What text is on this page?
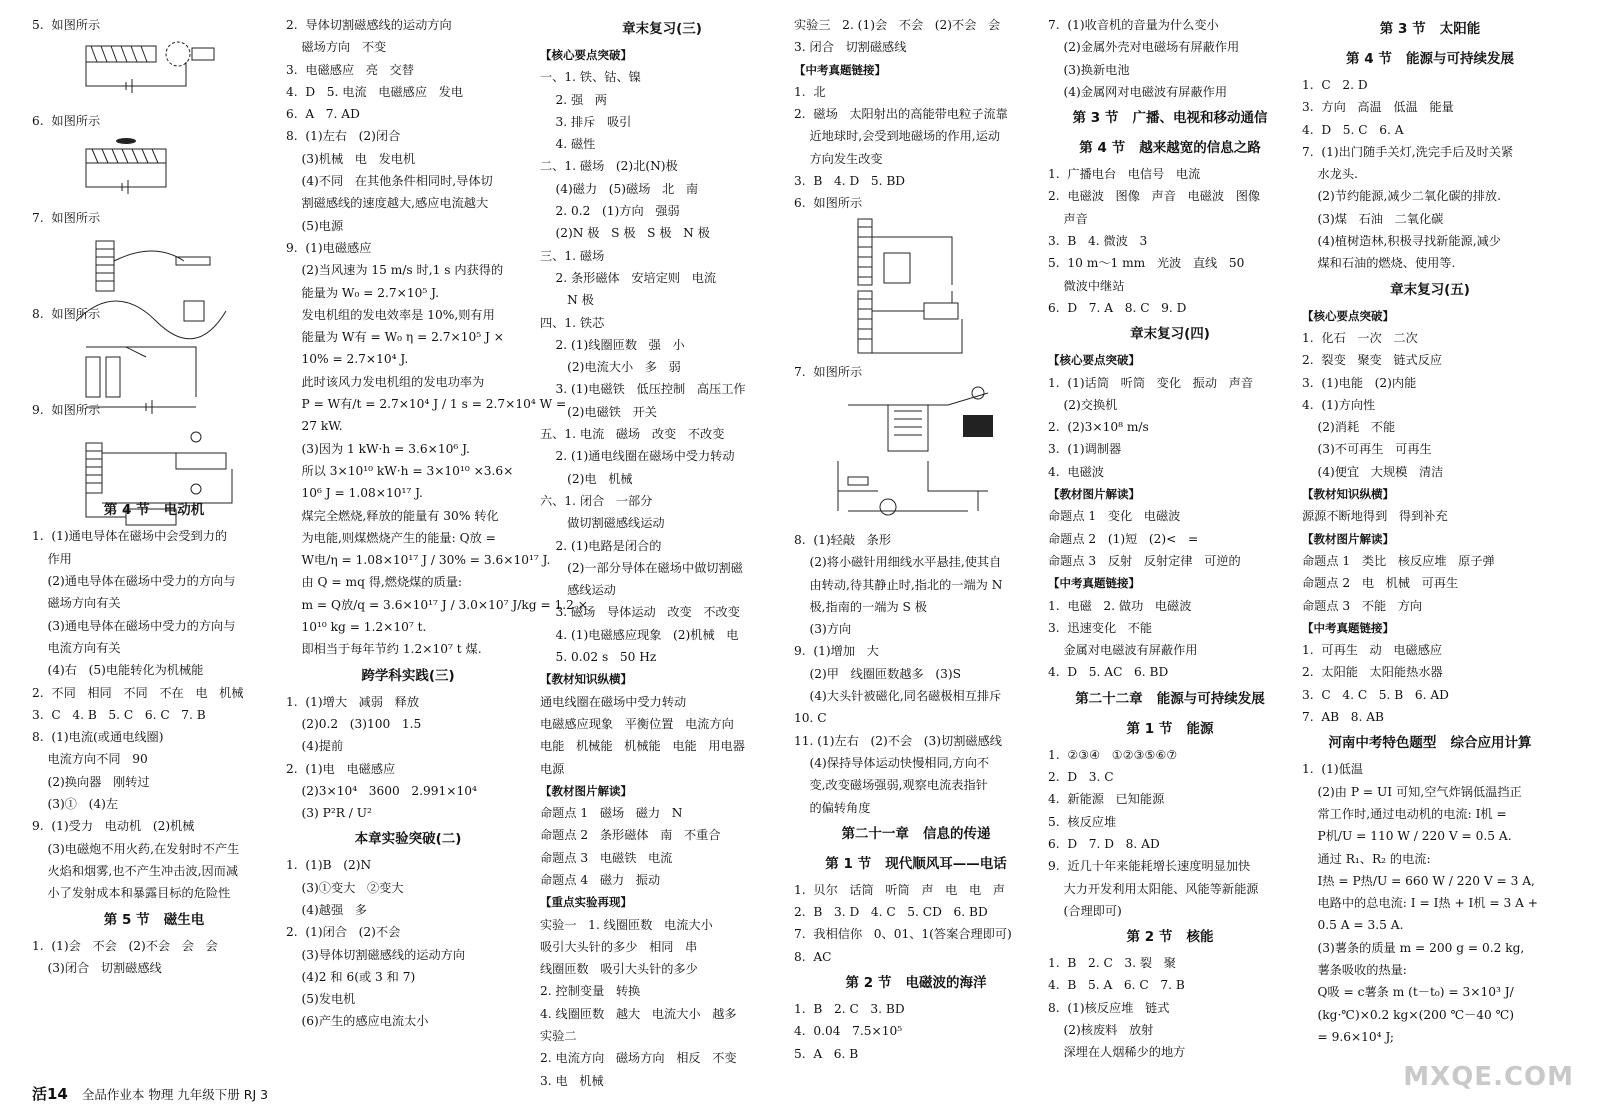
5.  如图所示
6.  如图所示
7.  如图所示
8.  如图所示
9.  如图所示
第 4 节   电动机
1.  (1)通电导体在磁场中会受到力的
作用
(2)通电导体在磁场中受力的方向与
磁场方向有关
(3)通电导体在磁场中受力的方向与
电流方向有关
(4)右   (5)电能转化为机械能
2.  不同   相同   不同   不在   电   机械
3.  C   4. B   5. C   6. C   7. B
8.  (1)电流(或通电线圈)
电流方向不同   90
(2)换向器   刚转过
(3)①   (4)左
9.  (1)受力   电动机   (2)机械
(3)电磁炮不用火药,在发射时不产生
火焰和烟雾,也不产生冲击波,因而减
小了发射成本和暴露目标的危险性
第 5 节   磁生电
1.  (1)会   不会   (2)不会   会   会
(3)闭合   切割磁感线
2.  导体切割磁感线的运动方向
磁场方向   不变
3.  电磁感应   亮   交替
4.  D   5. 电流   电磁感应   发电
6.  A   7. AD
8.  (1)左右   (2)闭合
(3)机械   电   发电机
(4)不同   在其他条件相同时,导体切
割磁感线的速度越大,感应电流越大
(5)电源
9.  (1)电磁感应
(2)当风速为 15 m/s 时,1 s 内获得的
能量为 W₀ = 2.7×10⁵ J.
发电机组的发电效率是 10%,则有用
能量为 W有 = W₀ η = 2.7×10⁵ J ×
10% = 2.7×10⁴ J.
此时该风力发电机组的发电功率为
P = W有/t = 2.7×10⁴ J / 1 s = 2.7×10⁴ W =
27 kW.
(3)因为 1 kW·h = 3.6×10⁶ J.
所以 3×10¹⁰ kW·h = 3×10¹⁰ ×3.6×
10⁶ J = 1.08×10¹⁷ J.
煤完全燃烧,释放的能量有 30% 转化
为电能,则煤燃烧产生的能量: Q放 =
W电/η = 1.08×10¹⁷ J / 30% = 3.6×10¹⁷ J.
由 Q = mq 得,燃烧煤的质量:
m = Q放/q = 3.6×10¹⁷ J / 3.0×10⁷ J/kg = 1.2 ×
10¹⁰ kg = 1.2×10⁷ t.
即相当于每年节约 1.2×10⁷ t 煤.
跨学科实践(三)
1.  (1)增大   减弱   释放
(2)0.2   (3)100   1.5
(4)提前
2.  (1)电   电磁感应
(2)3×10⁴   3600   2.991×10⁴
(3) P²R / U²
本章实验突破(二)
1.  (1)B   (2)N
(3)①变大   ②变大
(4)越强   多
2.  (1)闭合   (2)不会
(3)导体切割磁感线的运动方向
(4)2 和 6(或 3 和 7)
(5)发电机
(6)产生的感应电流太小
章末复习(三)
【核心要点突破】
一、1. 铁、钴、镍
2. 强   两
3. 排斥   吸引
4. 磁性
二、1. 磁场   (2)北(N)极
(4)磁力   (5)磁场   北   南
2. 0.2   (1)方向   强弱
(2)N 极   S 极   S 极   N 极
三、1. 磁场
2. 条形磁体   安培定则   电流
N 极
四、1. 铁芯
2. (1)线圈匝数   强   小
(2)电流大小   多   弱
3. (1)电磁铁   低压控制   高压工作
(2)电磁铁   开关
五、1. 电流   磁场   改变   不改变
2. (1)通电线圈在磁场中受力转动
(2)电   机械
六、1. 闭合   一部分
做切割磁感线运动
2. (1)电路是闭合的
(2)一部分导体在磁场中做切割磁
感线运动
3. 磁场   导体运动   改变   不改变
4. (1)电磁感应现象   (2)机械   电
5. 0.02 s   50 Hz
【教材知识纵横】
通电线圈在磁场中受力转动
电磁感应现象   平衡位置   电流方向
电能   机械能   机械能   电能   用电器
电源
【教材图片解读】
命题点 1   磁场   磁力   N
命题点 2   条形磁体   南   不重合
命题点 3   电磁铁   电流
命题点 4   磁力   振动
【重点实验再现】
实验一   1. 线圈匝数   电流大小
吸引大头针的多少   相同   串
线圈匝数   吸引大头针的多少
2. 控制变量   转换
4. 线圈匝数   越大   电流大小   越多
实验二
2. 电流方向   磁场方向   相反   不变
3. 电   机械
实验三   2. (1)会   不会   (2)不会   会
3. 闭合   切割磁感线
【中考真题链接】
1.  北
2.  磁场   太阳射出的高能带电粒子流靠
近地球时,会受到地磁场的作用,运动
方向发生改变
3.  B   4. D   5. BD
6.  如图所示
7.  如图所示
8.  (1)轻敲   条形
(2)将小磁针用细线水平悬挂,使其自
由转动,待其静止时,指北的一端为 N
极,指南的一端为 S 极
(3)方向
9.  (1)增加   大
(2)甲   线圈匝数越多   (3)S
(4)大头针被磁化,同名磁极相互排斥
10. C
11. (1)左右   (2)不会   (3)切割磁感线
(4)保持导体运动快慢相同,方向不
变,改变磁场强弱,观察电流表指针
的偏转角度
第二十一章   信息的传递
第 1 节   现代顺风耳——电话
1.  贝尔   话筒   听筒   声   电   电   声
2.  B   3. D   4. C   5. CD   6. BD
7.  我相信你   0、01、1(答案合理即可)
8.  AC
第 2 节   电磁波的海洋
1.  B   2. C   3. BD
4.  0.04   7.5×10⁵
5.  A   6. B
7.  (1)收音机的音量为什么变小
(2)金属外壳对电磁场有屏蔽作用
(3)换新电池
(4)金属网对电磁波有屏蔽作用
第 3 节   广播、电视和移动通信
第 4 节   越来越宽的信息之路
1.  广播电台   电信号   电流
2.  电磁波   图像   声音   电磁波   图像
声音
3.  B   4. 微波   3
5.  10 m～1 mm   光波   直线   50
微波中继站
6.  D   7. A   8. C   9. D
章末复习(四)
【核心要点突破】
1.  (1)话筒   听筒   变化   振动   声音
(2)交换机
2.  (2)3×10⁸ m/s
3.  (1)调制器
4.  电磁波
【教材图片解读】
命题点 1   变化   电磁波
命题点 2   (1)短   (2)<   =
命题点 3   反射   反射定律   可逆的
【中考真题链接】
1.  电磁   2. 做功   电磁波
3.  迅速变化   不能
金属对电磁波有屏蔽作用
4.  D   5. AC   6. BD
第二十二章   能源与可持续发展
第 1 节   能源
1.  ②③④   ①②③⑤⑥⑦
2.  D   3. C
4.  新能源   已知能源
5.  核反应堆
6.  D   7. D   8. AD
9.  近几十年来能耗增长速度明显加快
大力开发利用太阳能、风能等新能源
(合理即可)
第 2 节   核能
1.  B   2. C   3. 裂   聚
4.  B   5. A   6. C   7. B
8.  (1)核反应堆   链式
(2)核废料   放射
深埋在人烟稀少的地方
第 3 节   太阳能
第 4 节   能源与可持续发展
1.  C   2. D
3.  方向   高温   低温   能量
4.  D   5. C   6. A
7.  (1)出门随手关灯,洗完手后及时关紧
水龙头.
(2)节约能源,减少二氧化碳的排放.
(3)煤   石油   二氧化碳
(4)植树造林,积极寻找新能源,减少
煤和石油的燃烧、使用等.
章末复习(五)
【核心要点突破】
1.  化石   一次   二次
2.  裂变   聚变   链式反应
3.  (1)电能   (2)内能
4.  (1)方向性
(2)消耗   不能
(3)不可再生   可再生
(4)便宜   大规模   清洁
【教材知识纵横】
源源不断地得到   得到补充
【教材图片解读】
命题点 1   类比   核反应堆   原子弹
命题点 2   电   机械   可再生
命题点 3   不能   方向
【中考真题链接】
1.  可再生   动   电磁感应
2.  太阳能   太阳能热水器
3.  C   4. C   5. B   6. AD
7.  AB   8. AB
河南中考特色题型   综合应用计算
1.  (1)低温
(2)由 P = UI 可知,空气炸锅低温挡正
常工作时,通过电动机的电流: I机 =
P机/U = 110 W / 220 V = 0.5 A.
通过 R₁、R₂ 的电流:
I热 = P热/U = 660 W / 220 V = 3 A,
电路中的总电流: I = I热 + I机 = 3 A +
0.5 A = 3.5 A.
(3)薯条的质量 m = 200 g = 0.2 kg,
薯条吸收的热量:
Q吸 = c薯条 m (t－t₀) = 3×10³ J/
(kg·℃)×0.2 kg×(200 ℃－40 ℃)
= 9.6×10⁴ J;
活14 全品作业本 物理 九年级下册 RJ 3
MXQE.COM
